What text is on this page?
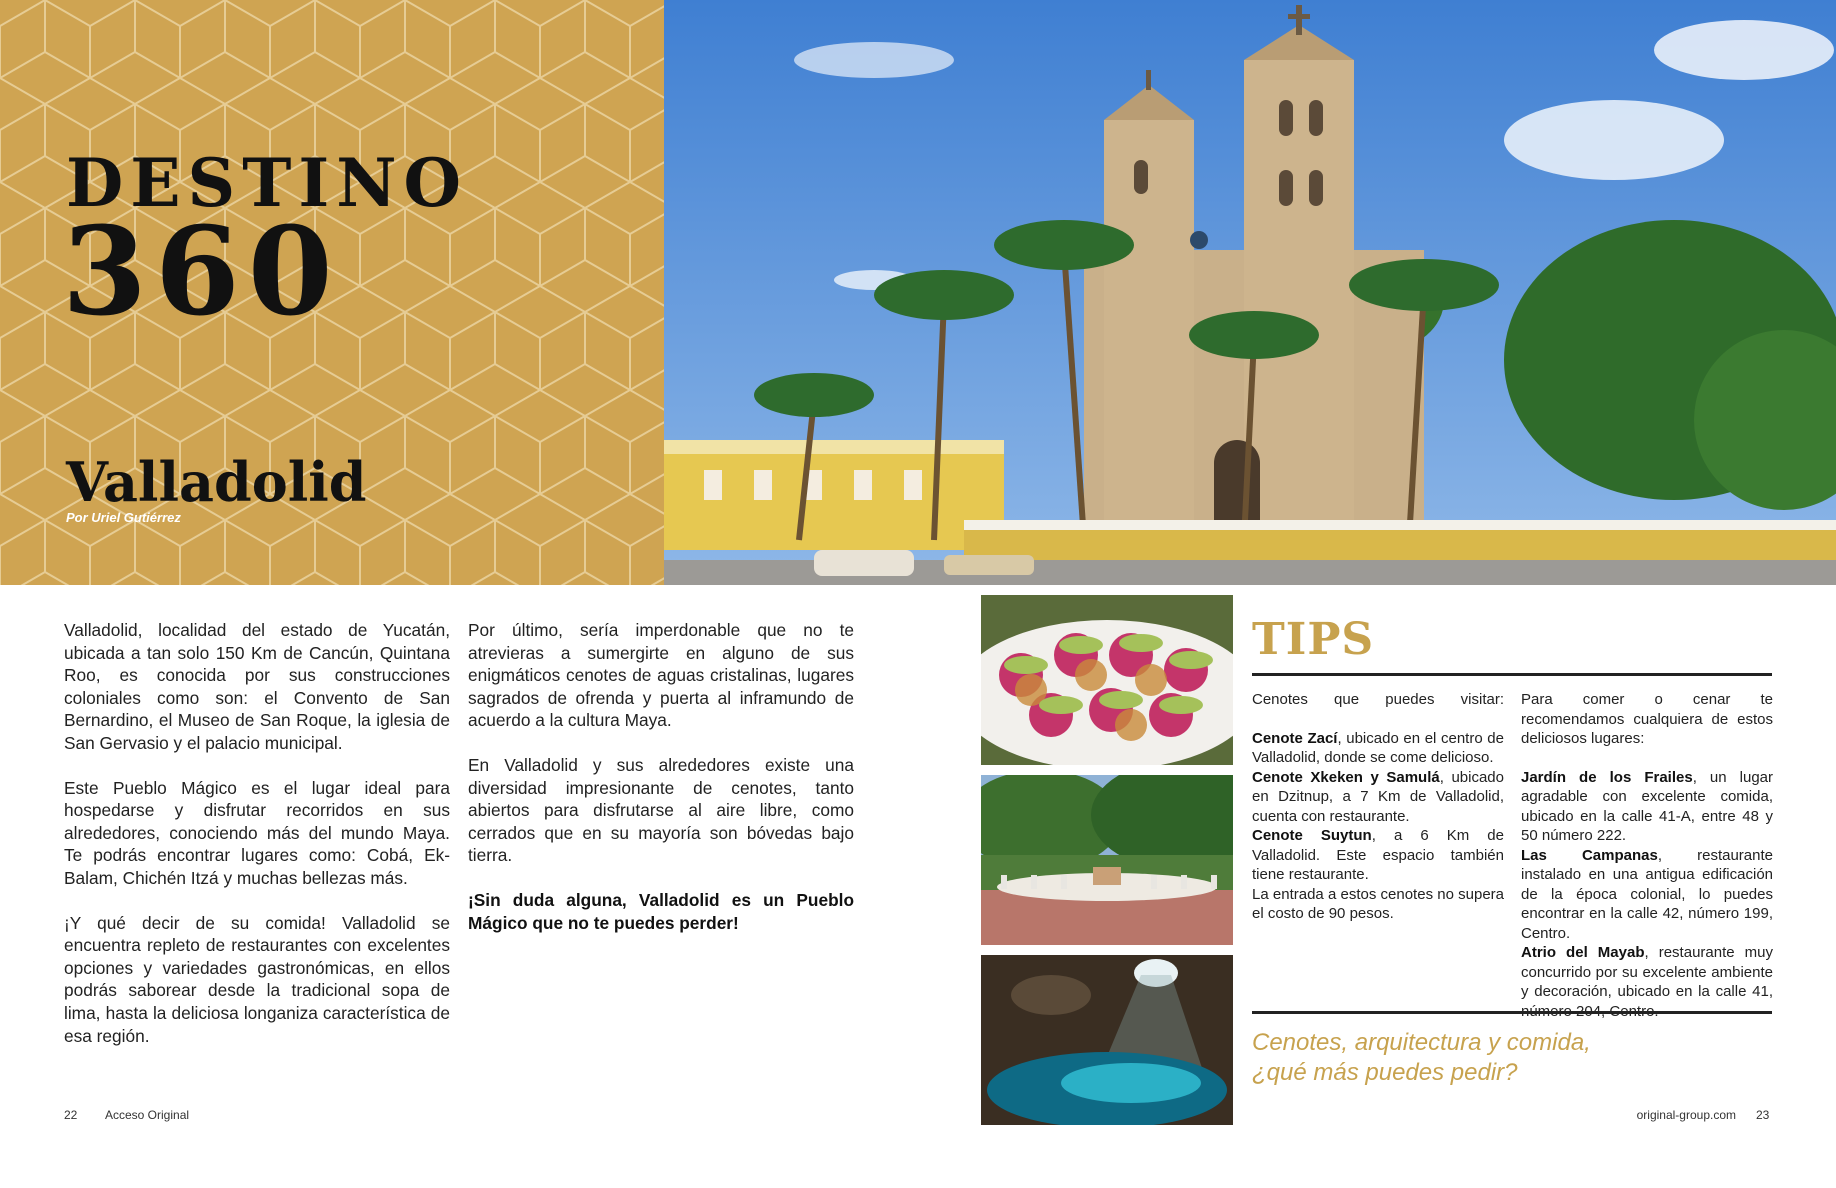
DESTINO
360
Valladolid
Por Uriel Gutiérrez

Valladolid, localidad del estado de Yucatán, ubicada a tan solo 150 Km de Cancún, Quintana Roo, es conocida por sus construcciones coloniales como son: el Convento de San Bernardino, el Museo de San Roque, la iglesia de San Gervasio y el palacio municipal.

Este Pueblo Mágico es el lugar ideal para hospedarse y disfrutar recorridos en sus alrededores, conociendo más del mundo Maya. Te podrás encontrar lugares como: Cobá, Ek-Balam, Chichén Itzá y muchas bellezas más.

¡Y qué decir de su comida! Valladolid se encuentra repleto de restaurantes con excelentes opciones y variedades gastronómicas, en ellos podrás saborear desde la tradicional sopa de lima, hasta la deliciosa longaniza característica de esa región.

Por último, sería imperdonable que no te atrevieras a sumergirte en alguno de sus enigmáticos cenotes de aguas cristalinas, lugares sagrados de ofrenda y puerta al inframundo de acuerdo a la cultura Maya.

En Valladolid y sus alrededores existe una diversidad impresionante de cenotes, tanto abiertos para disfrutarse al aire libre, como cerrados que en su mayoría son bóvedas bajo tierra.

¡Sin duda alguna, Valladolid es un Pueblo Mágico que no te puedes perder!

TIPS

Cenotes que puedes visitar:

Cenote Zací, ubicado en el centro de Valladolid, donde se come delicioso.

Cenote Xkeken y Samulá, ubicado en Dzitnup, a 7 Km de Valladolid, cuenta con restaurante.

Cenote Suytun, a 6 Km de Valladolid. Este espacio también tiene restaurante.

La entrada a estos cenotes no supera el costo de 90 pesos.

Para comer o cenar te recomendamos cualquiera de estos deliciosos lugares:

Jardín de los Frailes, un lugar agradable con excelente comida, ubicado en la calle 41-A, entre 48 y 50 número 222.

Las Campanas, restaurante instalado en una antigua edificación de la época colonial, lo puedes encontrar en la calle 42, número 199, Centro.

Atrio del Mayab, restaurante muy concurrido por su excelente ambiente y decoración, ubicado en la calle 41,

Cenotes, arquitectura y comida,
¿qué más puedes pedir?
22 Acceso Original	original-group.com 23
